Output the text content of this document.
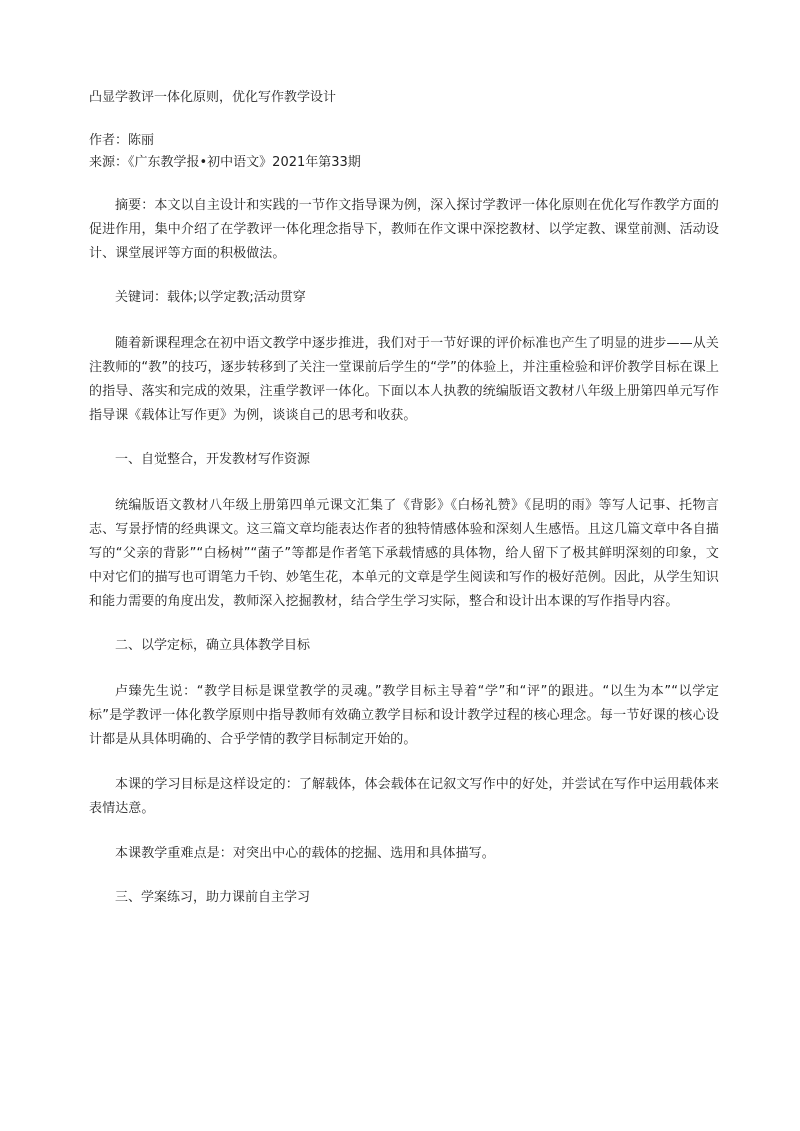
凸显学教评一体化原则，优化写作教学设计

作者：陈丽

来源：《广东教学报•初中语文》2021年第33期

摘要：本文以自主设计和实践的一节作文指导课为例，深入探讨学教评一体化原则在优化写作教学方面的促进作用，集中介绍了在学教评一体化理念指导下，教师在作文课中深挖教材、以学定教、课堂前测、活动设计、课堂展评等方面的积极做法。

关键词：载体;以学定教;活动贯穿

随着新课程理念在初中语文教学中逐步推进，我们对于一节好课的评价标准也产生了明显的进步——从关注教师的“教”的技巧，逐步转移到了关注一堂课前后学生的“学”的体验上，并注重检验和评价教学目标在课上的指导、落实和完成的效果，注重学教评一体化。下面以本人执教的统编版语文教材八年级上册第四单元写作指导课《载体让写作更》为例，谈谈自己的思考和收获。

一、自觉整合，开发教材写作资源

统编版语文教材八年级上册第四单元课文汇集了《背影》《白杨礼赞》《昆明的雨》等写人记事、托物言志、写景抒情的经典课文。这三篇文章均能表达作者的独特情感体验和深刻人生感悟。且这几篇文章中各自描写的“父亲的背影”“白杨树”“菌子”等都是作者笔下承载情感的具体物，给人留下了极其鲜明深刻的印象，文中对它们的描写也可谓笔力千钧、妙笔生花，本单元的文章是学生阅读和写作的极好范例。因此，从学生知识和能力需要的角度出发，教师深入挖掘教材，结合学生学习实际，整合和设计出本课的写作指导内容。

二、以学定标，确立具体教学目标

卢臻先生说：“教学目标是课堂教学的灵魂。”教学目标主导着“学”和“评”的跟进。“以生为本”“以学定标”是学教评一体化教学原则中指导教师有效确立教学目标和设计教学过程的核心理念。每一节好课的核心设计都是从具体明确的、合乎学情的教学目标制定开始的。

本课的学习目标是这样设定的：了解载体，体会载体在记叙文写作中的好处，并尝试在写作中运用载体来表情达意。

本课教学重难点是：对突出中心的载体的挖掘、选用和具体描写。

三、学案练习，助力课前自主学习
